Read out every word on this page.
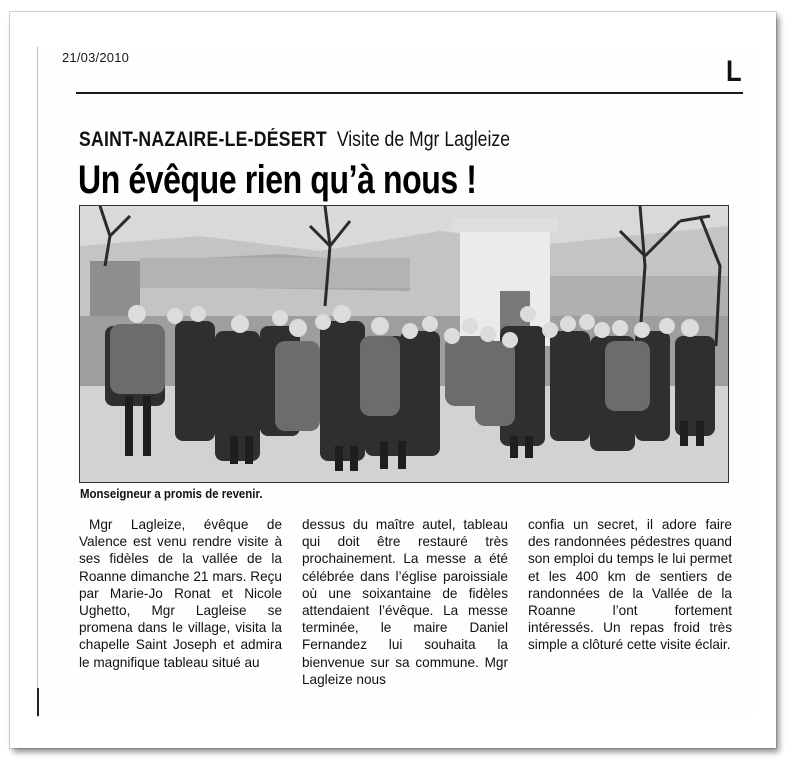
21/03/2010	L
SAINT-NAZAIRE-LE-DÉSERT Visite de Mgr Lagleize
Un évêque rien qu’à nous !
Monseigneur a promis de revenir.

Mgr Lagleize, évêque de Valence est venu rendre visite à ses fidèles de la vallée de la Roanne dimanche 21 mars. Reçu par Marie-Jo Ronat et Nicole Ughetto, Mgr Lagleise se promena dans le village, visita la chapelle Saint Joseph et admira le magnifique tableau situé au

dessus du maître autel, tableau qui doit être restauré très prochainement. La messe a été célébrée dans l’église paroissiale où une soixantaine de fidèles attendaient l’évêque. La messe terminée, le maire Daniel Fernandez lui souhaita la bienvenue sur sa commune. Mgr Lagleize nous

confia un secret, il adore faire des randonnées pédestres quand son emploi du temps le lui permet et les 400 km de sentiers de randonnées de la Vallée de la Roanne l’ont fortement intéressés. Un repas froid très simple a clôturé cette visite éclair.
